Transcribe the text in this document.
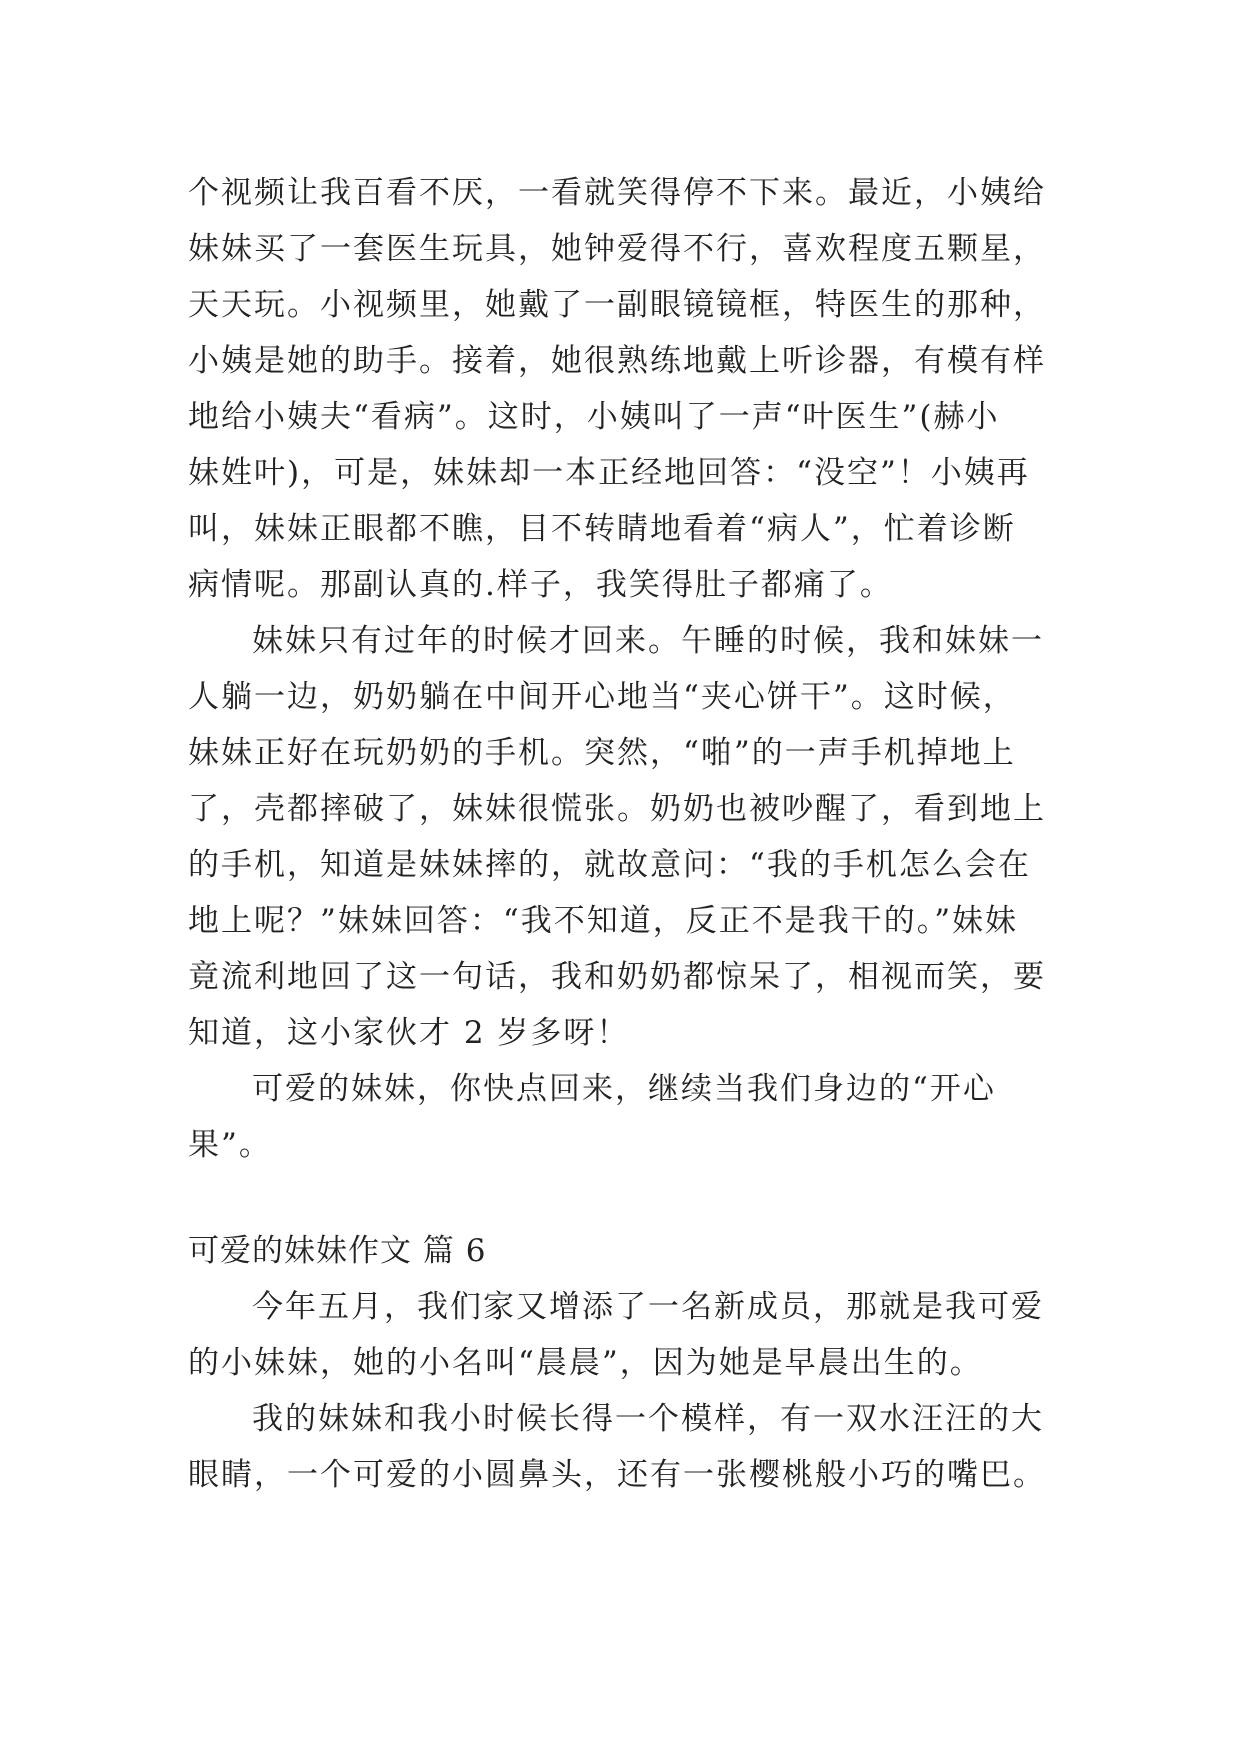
个视频让我百看不厌，一看就笑得停不下来。最近，小姨给
妹妹买了一套医生玩具，她钟爱得不行，喜欢程度五颗星，
天天玩。小视频里，她戴了一副眼镜镜框，特医生的那种，
小姨是她的助手。接着，她很熟练地戴上听诊器，有模有样
地给小姨夫“看病”。这时，小姨叫了一声“叶医生”(赫小
妹姓叶)，可是，妹妹却一本正经地回答：“没空”！小姨再
叫，妹妹正眼都不瞧，目不转睛地看着“病人”，忙着诊断
病情呢。那副认真的.样子，我笑得肚子都痛了。
妹妹只有过年的时候才回来。午睡的时候，我和妹妹一
人躺一边，奶奶躺在中间开心地当“夹心饼干”。这时候，
妹妹正好在玩奶奶的手机。突然，“啪”的一声手机掉地上
了，壳都摔破了，妹妹很慌张。奶奶也被吵醒了，看到地上
的手机，知道是妹妹摔的，就故意问：“我的手机怎么会在
地上呢？”妹妹回答：“我不知道，反正不是我干的。”妹妹
竟流利地回了这一句话，我和奶奶都惊呆了，相视而笑，要
知道，这小家伙才 2 岁多呀！
可爱的妹妹，你快点回来，继续当我们身边的“开心
果”。
可爱的妹妹作文 篇 6
今年五月，我们家又增添了一名新成员，那就是我可爱
的小妹妹，她的小名叫“晨晨”，因为她是早晨出生的。
我的妹妹和我小时候长得一个模样，有一双水汪汪的大
眼睛，一个可爱的小圆鼻头，还有一张樱桃般小巧的嘴巴。
